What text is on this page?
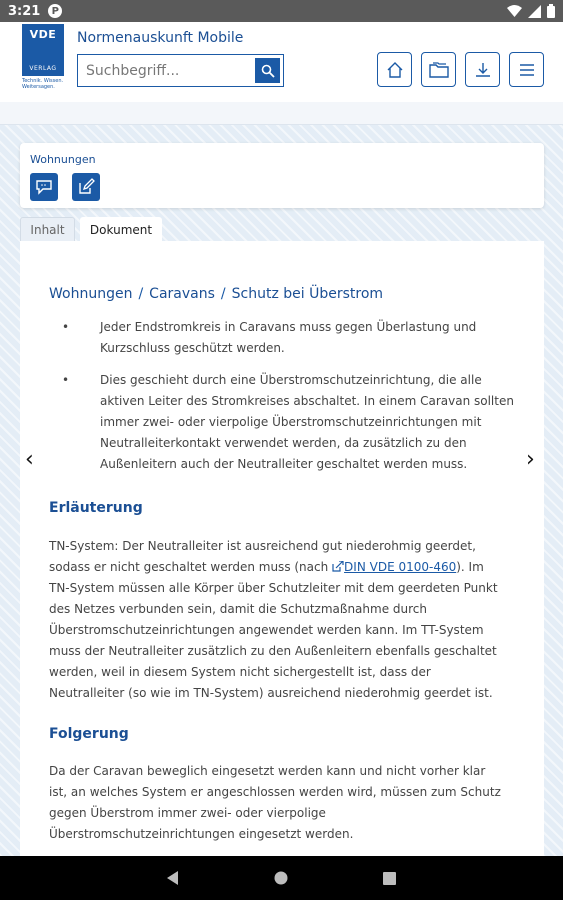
3:21	P
VDE
VERLAG
Technik. Wissen. Weitersagen.
Normenauskunft Mobile
Suchbegriff...
Wohnungen
Inhalt	Dokument
‹	›
Wohnungen / Caravans / Schutz bei Überstrom
•	Jeder Endstromkreis in Caravans muss gegen Überlastung und Kurzschluss geschützt werden.
•	Dies geschieht durch eine Überstromschutzeinrichtung, die alle aktiven Leiter des Stromkreises abschaltet. In einem Caravan sollten immer zwei- oder vierpolige Überstromschutzeinrichtungen mit Neutralleiterkontakt verwendet werden, da zusätzlich zu den Außenleitern auch der Neutralleiter geschaltet werden muss.
Erläuterung
TN-System: Der Neutralleiter ist ausreichend gut niederohmig geerdet, sodass er nicht geschaltet werden muss (nach DIN VDE 0100-460). Im TN-System müssen alle Körper über Schutzleiter mit dem geerdeten Punkt des Netzes verbunden sein, damit die Schutzmaßnahme durch Überstromschutzeinrichtungen angewendet werden kann. Im TT-System muss der Neutralleiter zusätzlich zu den Außenleitern ebenfalls geschaltet werden, weil in diesem System nicht sichergestellt ist, dass der Neutralleiter (so wie im TN-System) ausreichend niederohmig geerdet ist.
Folgerung
Da der Caravan beweglich eingesetzt werden kann und nicht vorher klar ist, an welches System er angeschlossen werden wird, müssen zum Schutz gegen Überstrom immer zwei- oder vierpolige Überstromschutzeinrichtungen eingesetzt werden.
